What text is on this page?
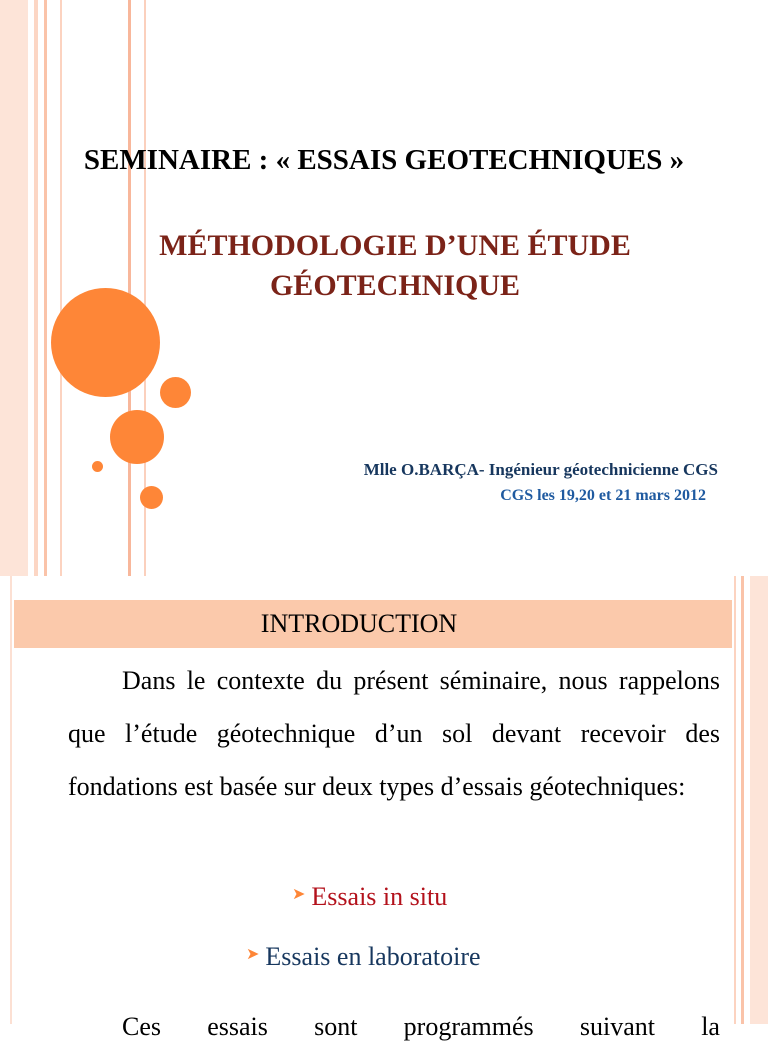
SEMINAIRE : « ESSAIS GEOTECHNIQUES »
MÉTHODOLOGIE D’UNE ÉTUDE
GÉOTECHNIQUE

Mlle O.BARÇA- Ingénieur géotechnicienne CGS

CGS les 19,20 et 21 mars 2012

INTRODUCTION

Dans le contexte du présent séminaire, nous rappelons que l’étude géotechnique d’un sol devant recevoir des fondations est basée sur deux types d’essais géotechniques:

➤ Essais in situ

➤ Essais en laboratoire

Ces essais sont programmés suivant la
